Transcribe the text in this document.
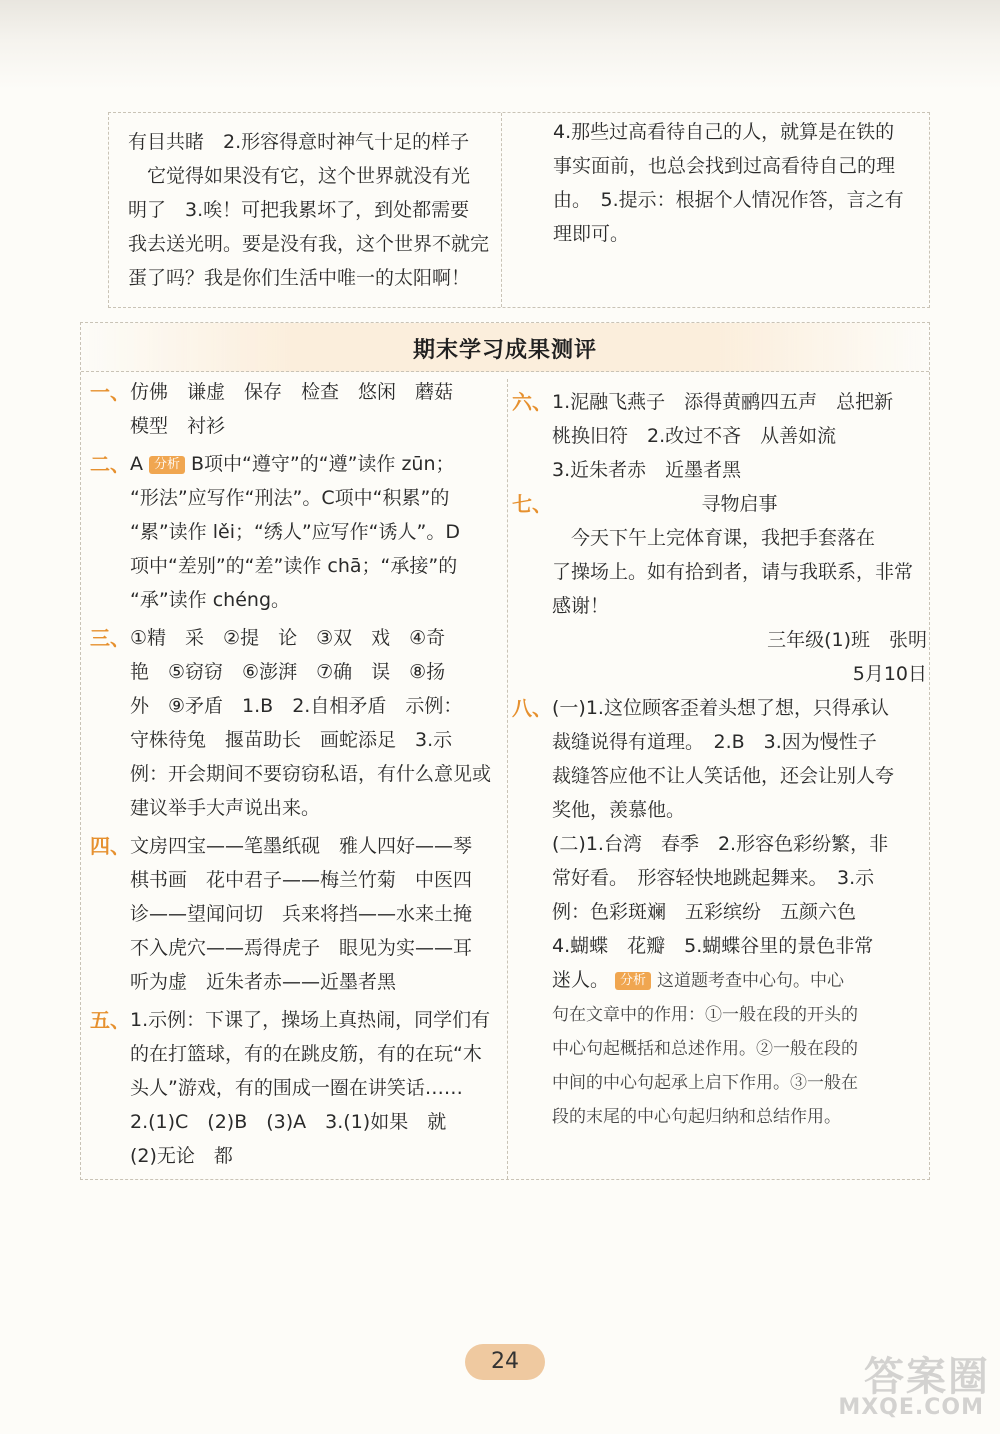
有目共睹　2.形容得意时神气十足的样子

　它觉得如果没有它，这个世界就没有光

明了　3.唉！可把我累坏了，到处都需要

我去送光明。要是没有我，这个世界不就完

蛋了吗？我是你们生活中唯一的太阳啊！

4.那些过高看待自己的人，就算是在铁的

事实面前，也总会找到过高看待自己的理

由。　5.提示：根据个人情况作答，言之有

理即可。

期末学习成果测评
一、 仿佛　谦虚　保存　检查　悠闲　蘑菇

模型　衬衫

二、 A 分析 B项中“遵守”的“遵”读作 zūn；

“形法”应写作“刑法”。C项中“积累”的

“累”读作 lěi；“绣人”应写作“诱人”。D

项中“差别”的“差”读作 chā；“承接”的

“承”读作 chéng。

三、 ①精　采　②提　论　③双　戏　④奇

艳　⑤窃窃　⑥澎湃　⑦确　误　⑧扬

外　⑨矛盾　1.B　2.自相矛盾　示例：

守株待兔　揠苗助长　画蛇添足　3.示

例：开会期间不要窃窃私语，有什么意见或

建议举手大声说出来。

四、 文房四宝——笔墨纸砚　雅人四好——琴

棋书画　花中君子——梅兰竹菊　中医四

诊——望闻问切　兵来将挡——水来土掩

不入虎穴——焉得虎子　眼见为实——耳

听为虚　近朱者赤——近墨者黑

五、 1.示例：下课了，操场上真热闹，同学们有

的在打篮球，有的在跳皮筋，有的在玩“木

头人”游戏，有的围成一圈在讲笑话……

2.(1)C　(2)B　(3)A　3.(1)如果　就

(2)无论　都

六、 1.泥融飞燕子　添得黄鹂四五声　总把新

桃换旧符　2.改过不吝　从善如流

3.近朱者赤　近墨者黑

七、	寻物启事

　今天下午上完体育课，我把手套落在

了操场上。如有拾到者，请与我联系，非常

感谢！

三年级(1)班　张明

5月10日

八、 (一)1.这位顾客歪着头想了想，只得承认

裁缝说得有道理。　2.B　3.因为慢性子

裁缝答应他不让人笑话他，还会让别人夸

奖他，羡慕他。

(二)1.台湾　春季　2.形容色彩纷繁，非

常好看。　形容轻快地跳起舞来。　3.示

例：色彩斑斓　五彩缤纷　五颜六色

4.蝴蝶　花瓣　5.蝴蝶谷里的景色非常

迷人。 分析 这道题考查中心句。中心

句在文章中的作用：①一般在段的开头的

中心句起概括和总述作用。②一般在段的

中间的中心句起承上启下作用。③一般在

段的末尾的中心句起归纳和总结作用。

24	答案圈
MXQE.COM
